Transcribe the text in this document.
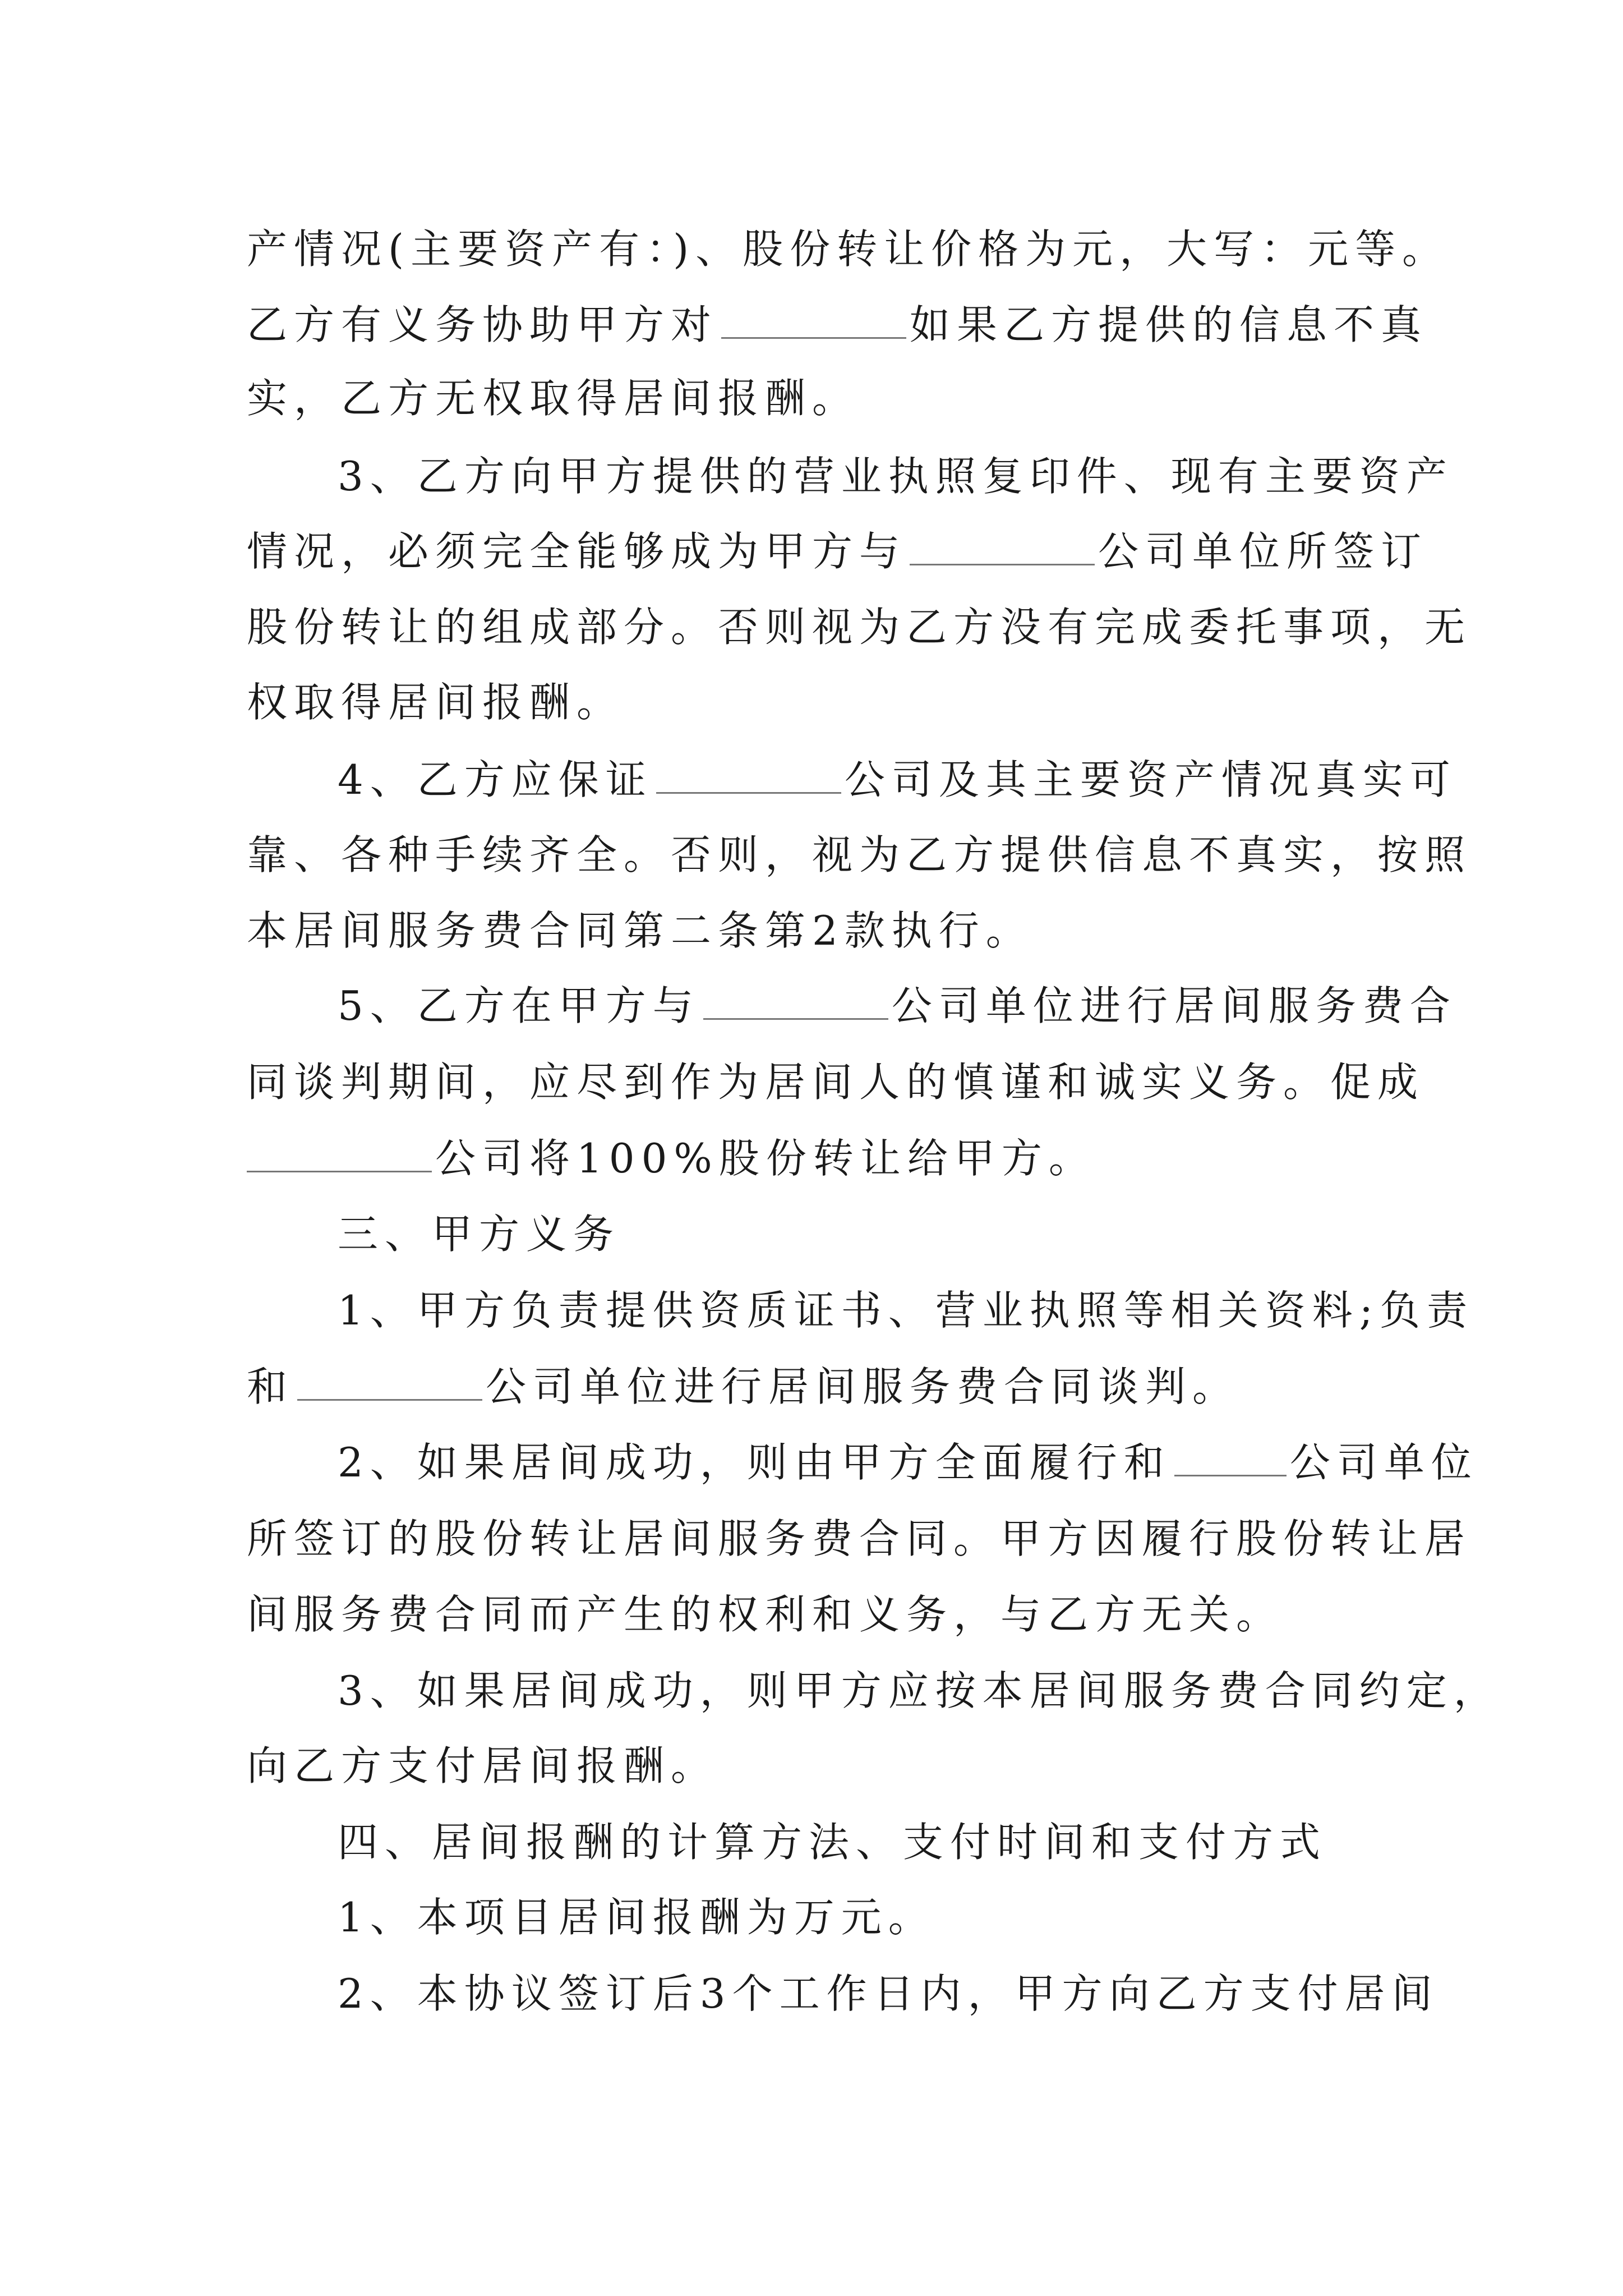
产情况(主要资产有：)、股份转让价格为元，大写：元等。
乙方有义务协助甲方对	如果乙方提供的信息不真
实，乙方无权取得居间报酬。
3、乙方向甲方提供的营业执照复印件、现有主要资产
情况，必须完全能够成为甲方与	公司单位所签订
股份转让的组成部分。否则视为乙方没有完成委托事项，无
权取得居间报酬。
4、乙方应保证	公司及其主要资产情况真实可
靠、各种手续齐全。否则，视为乙方提供信息不真实，按照
本居间服务费合同第二条第2款执行。
5、乙方在甲方与	公司单位进行居间服务费合
同谈判期间，应尽到作为居间人的慎谨和诚实义务。促成
公司将100%股份转让给甲方。
三、甲方义务
1、甲方负责提供资质证书、营业执照等相关资料;负责
和	公司单位进行居间服务费合同谈判。
2、如果居间成功，则由甲方全面履行和	公司单位
所签订的股份转让居间服务费合同。甲方因履行股份转让居
间服务费合同而产生的权利和义务，与乙方无关。
3、如果居间成功，则甲方应按本居间服务费合同约定，
向乙方支付居间报酬。
四、居间报酬的计算方法、支付时间和支付方式
1、本项目居间报酬为万元。
2、本协议签订后3个工作日内，甲方向乙方支付居间
